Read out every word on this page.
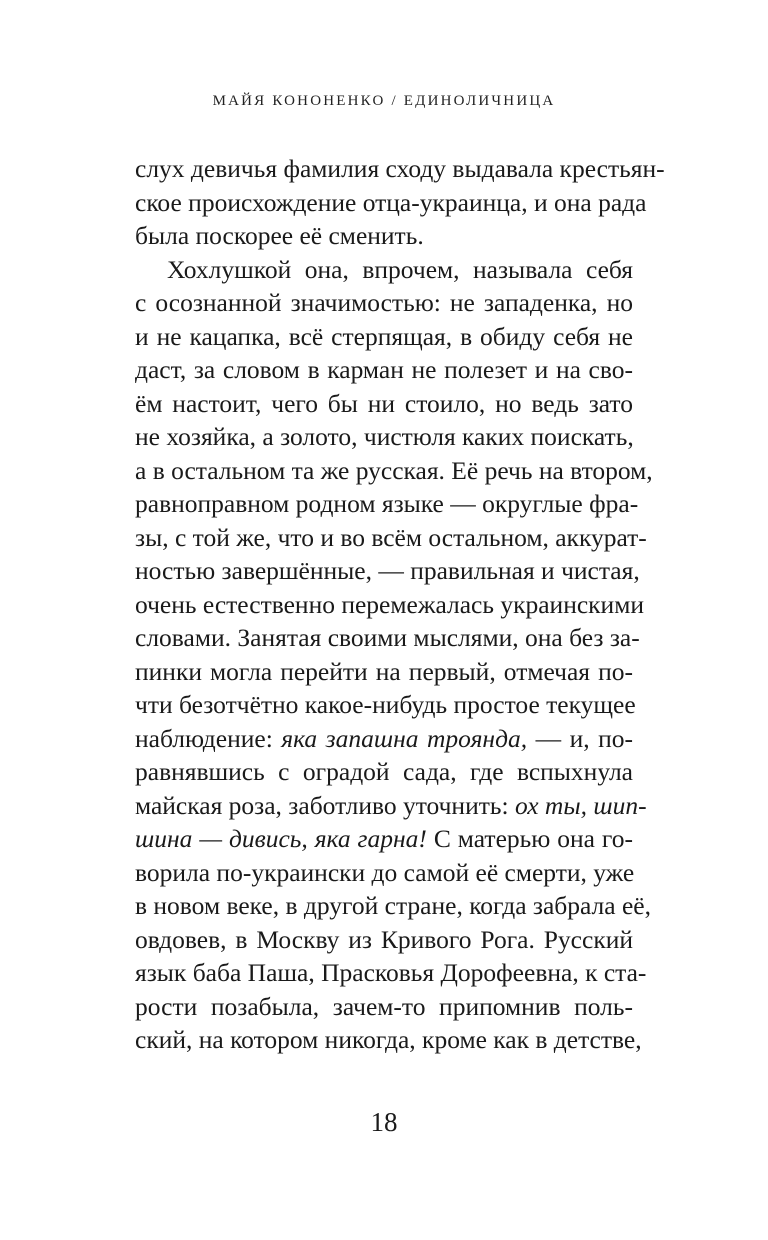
МАЙЯ КОНОНЕНКО / ЕДИНОЛИЧНИЦА
слух девичья фамилия сходу выдавала крестьян-
ское происхождение отца-украинца, и она рада
была поскорее её сменить.
Хохлушкой она, впрочем, называла себя
с осознанной значимостью: не западенка, но
и не кацапка, всё стерпящая, в обиду себя не
даст, за словом в карман не полезет и на сво-
ём настоит, чего бы ни стоило, но ведь зато
не хозяйка, а золото, чистюля каких поискать,
а в остальном та же русская. Её речь на втором,
равноправном родном языке — округлые фра-
зы, с той же, что и во всём остальном, аккурат-
ностью завершённые, — правильная и чистая,
очень естественно перемежалась украинскими
словами. Занятая своими мыслями, она без за-
пинки могла перейти на первый, отмечая по-
чти безотчётно какое-нибудь простое текущее
наблюдение: яка запашна троянда, — и, по-
равнявшись с оградой сада, где вспыхнула
майская роза, заботливо уточнить: ох ты, шип-
шина — дивись, яка гарна! С матерью она го-
ворила по-украински до самой её смерти, уже
в новом веке, в другой стране, когда забрала её,
овдовев, в Москву из Кривого Рога. Русский
язык баба Паша, Прасковья Дорофеевна, к ста-
рости позабыла, зачем-то припомнив поль-
ский, на котором никогда, кроме как в детстве,
18
